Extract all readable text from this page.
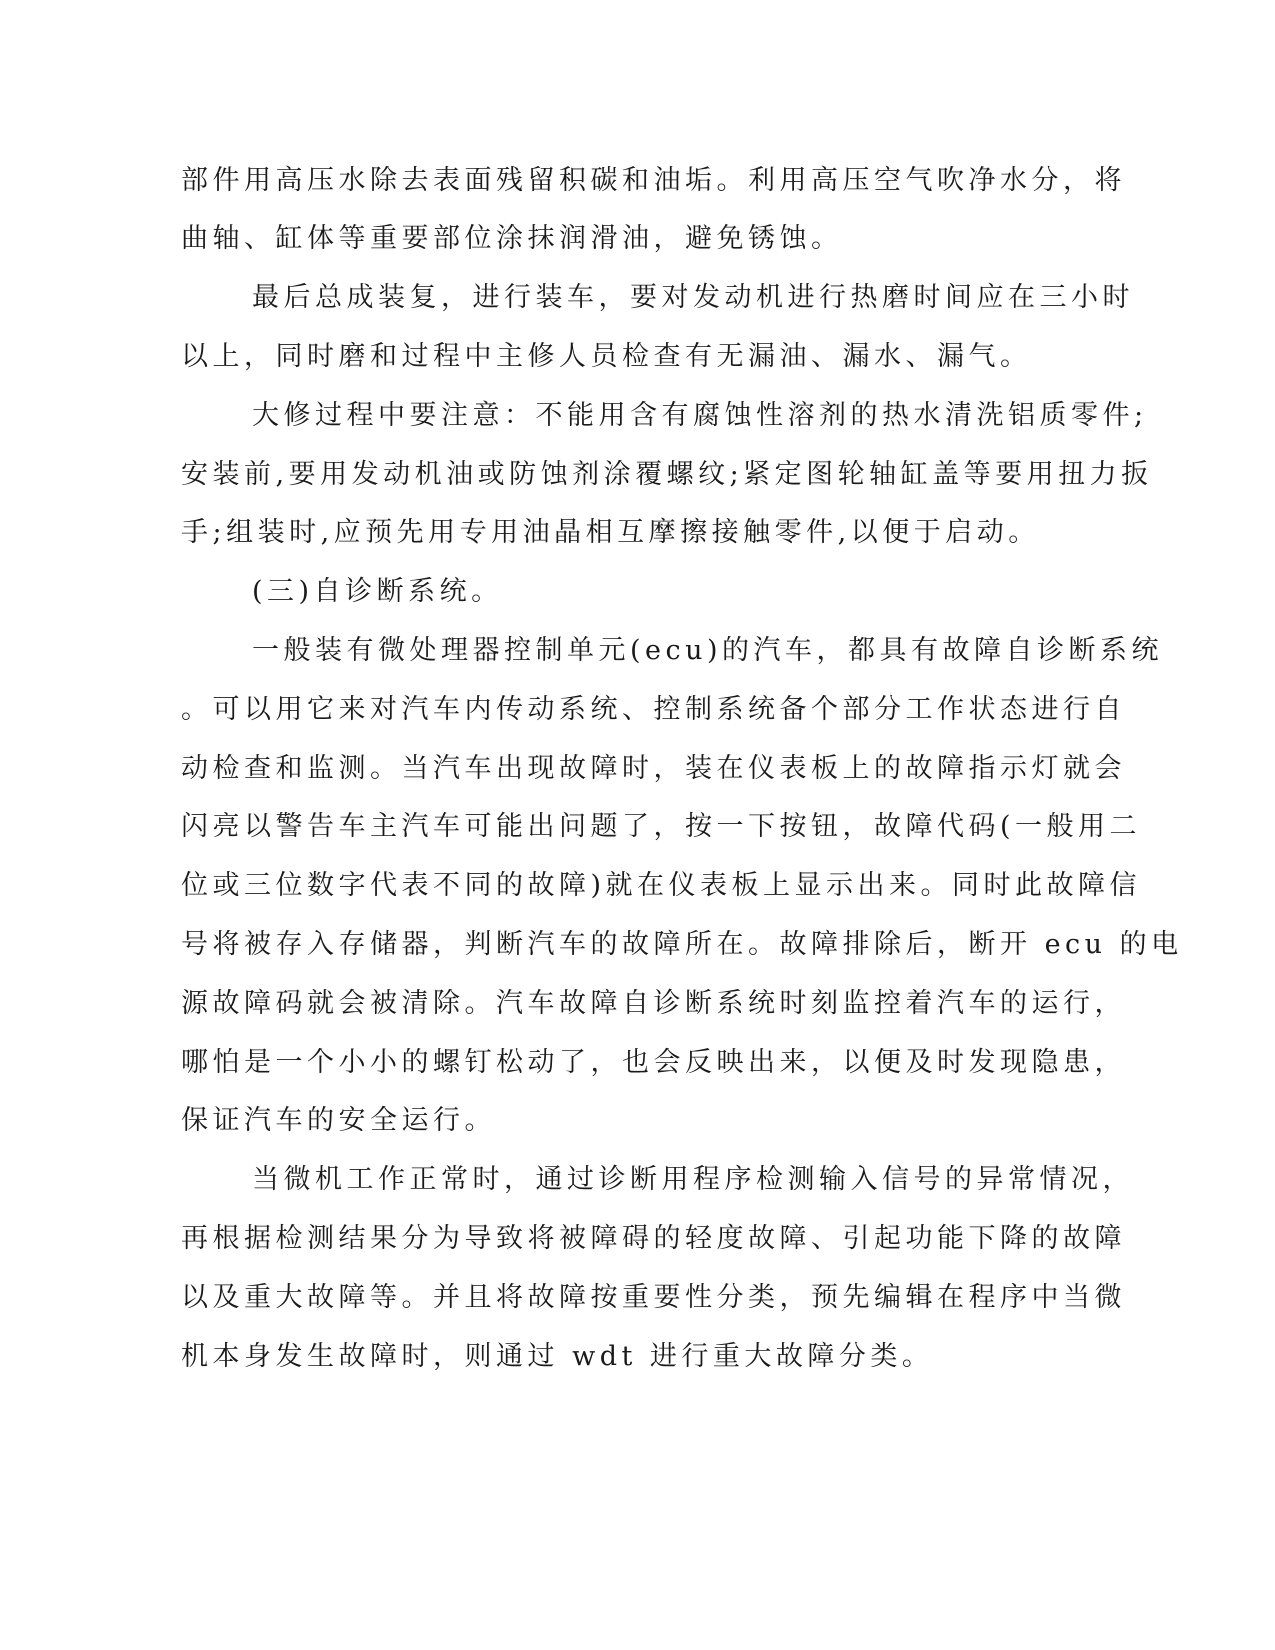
部件用高压水除去表面残留积碳和油垢。利用高压空气吹净水分，将

曲轴、缸体等重要部位涂抹润滑油，避免锈蚀。

最后总成装复，进行装车，要对发动机进行热磨时间应在三小时

以上，同时磨和过程中主修人员检查有无漏油、漏水、漏气。

大修过程中要注意：不能用含有腐蚀性溶剂的热水清洗铝质零件;

安装前,要用发动机油或防蚀剂涂覆螺纹;紧定图轮轴缸盖等要用扭力扳

手;组装时,应预先用专用油晶相互摩擦接触零件,以便于启动。

(三)自诊断系统。

一般装有微处理器控制单元(ecu)的汽车，都具有故障自诊断系统

。可以用它来对汽车内传动系统、控制系统备个部分工作状态进行自

动检查和监测。当汽车出现故障时，装在仪表板上的故障指示灯就会

闪亮以警告车主汽车可能出问题了，按一下按钮，故障代码(一般用二

位或三位数字代表不同的故障)就在仪表板上显示出来。同时此故障信

号将被存入存储器，判断汽车的故障所在。故障排除后，断开 ecu 的电

源故障码就会被清除。汽车故障自诊断系统时刻监控着汽车的运行，

哪怕是一个小小的螺钉松动了，也会反映出来，以便及时发现隐患，

保证汽车的安全运行。

当微机工作正常时，通过诊断用程序检测输入信号的异常情况，

再根据检测结果分为导致将被障碍的轻度故障、引起功能下降的故障

以及重大故障等。并且将故障按重要性分类，预先编辑在程序中当微

机本身发生故障时，则通过 wdt 进行重大故障分类。
